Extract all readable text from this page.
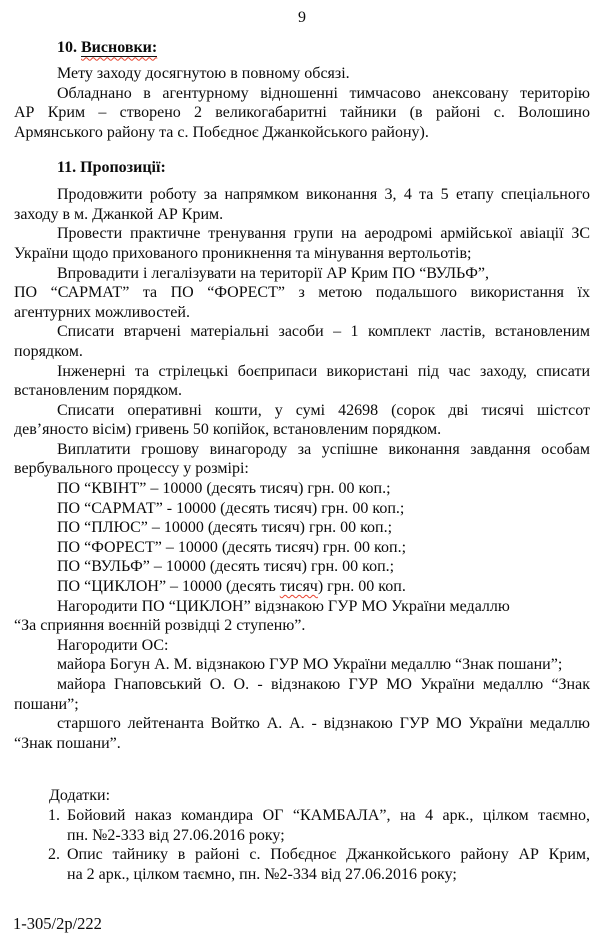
9
10. Висновки:
Мету заходу досягнутою в повному обсязі.
Обладнано в агентурному відношенні тимчасово анексовану територію
АР Крим – створено 2 великогабаритні тайники (в районі с. Волошино
Армянського району та с. Побєдноє Джанкойського району).
11. Пропозиції:
Продовжити роботу за напрямком виконання 3, 4 та 5 етапу спеціального
заходу в м. Джанкой АР Крим.
Провести практичне тренування групи на аеродромі армійської авіації ЗС
України щодо прихованого проникнення та мінування вертольотів;
Впровадити і легалізувати на території АР Крим ПО “ВУЛЬФ”,
ПО “САРМАТ” та ПО “ФОРЕСТ” з метою подальшого використання їх
агентурних можливостей.
Списати втарчені матеріальні засоби – 1 комплект ластів, встановленим
порядком.
Інженерні та стрілецькі боєприпаси використані під час заходу, списати
встановленим порядком.
Списати оперативні кошти, у сумі 42698 (сорок дві тисячі шістсот
дев’яносто вісім) гривень 50 копійок, встановленим порядком.
Виплатити грошову винагороду за успішне виконання завдання особам
вербувального процессу у розмірі:
ПО “КВІНТ” – 10000 (десять тисяч) грн. 00 коп.;
ПО “САРМАТ” - 10000 (десять тисяч) грн. 00 коп.;
ПО “ПЛЮС” – 10000 (десять тисяч) грн. 00 коп.;
ПО “ФОРЕСТ” – 10000 (десять тисяч) грн. 00 коп.;
ПО “ВУЛЬФ” – 10000 (десять тисяч) грн. 00 коп.;
ПО “ЦИКЛОН” – 10000 (десять тисяч) грн. 00 коп.
Нагородити ПО “ЦИКЛОН” відзнакою ГУР МО України медаллю
“За сприяння воєнній розвідці 2 ступеню”.
Нагородити ОС:
майора Богун А. М. відзнакою ГУР МО України медаллю “Знак пошани”;
майора Гнаповський О. О. - відзнакою ГУР МО України медаллю “Знак
пошани”;
старшого лейтенанта Войтко А. А. - відзнакою ГУР МО України медаллю
“Знак пошани”.
Додатки:
1. Бойовий наказ командира ОГ “КАМБАЛА”, на 4 арк., цілком таємно,
пн. №2-333 від 27.06.2016 року;
2. Опис тайнику в районі с. Побєдноє Джанкойського району АР Крим,
на 2 арк., цілком таємно, пн. №2-334 від 27.06.2016 року;
1-305/2р/222
